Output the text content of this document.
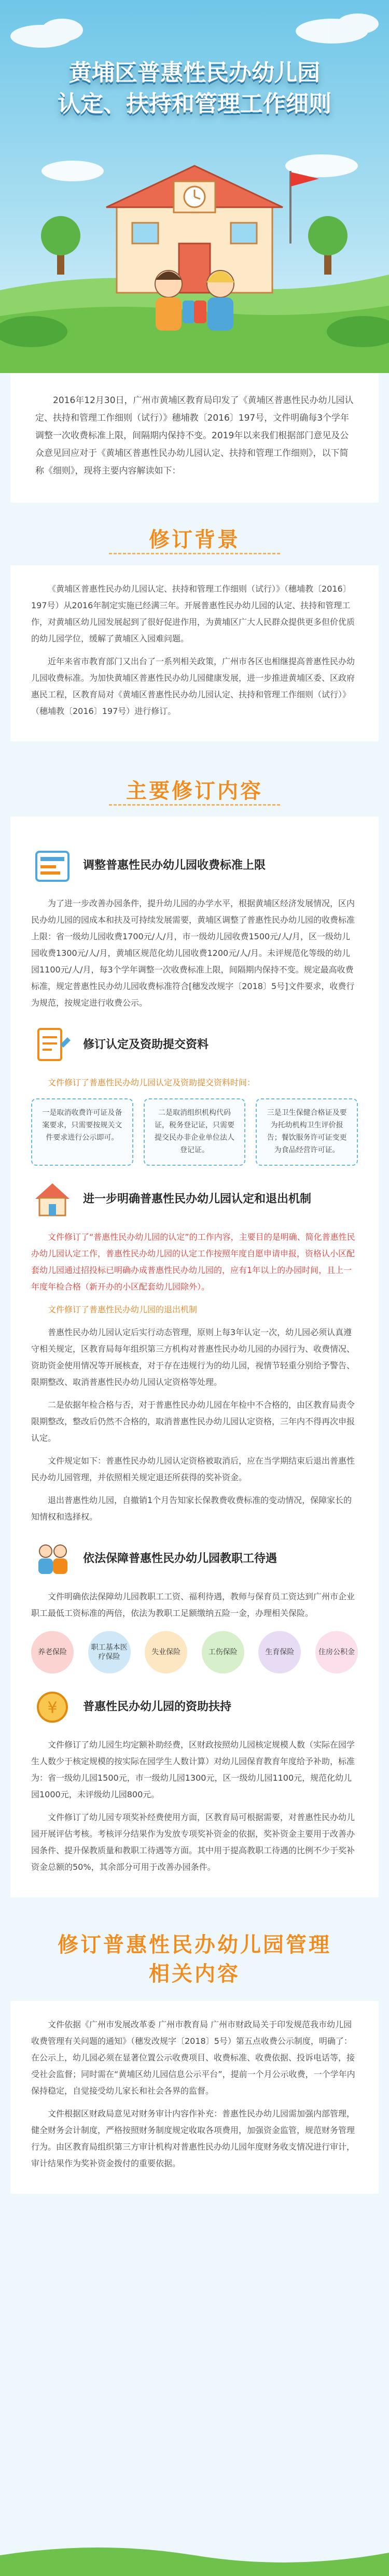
黄埔区普惠性民办幼儿园
认定、扶持和管理工作细则

2016年12月30日，广州市黄埔区教育局印发了《黄埔区普惠性民办幼儿园认定、扶持和管理工作细则（试行）》穗埔教〔2016〕197号，文件明确每3个学年调整一次收费标准上限，间隔期内保持不变。2019年以来我们根据部门意见及公众意见回应对于《黄埔区普惠性民办幼儿园认定、扶持和管理工作细则》，以下简称《细则》，现将主要内容解读如下：

修订背景

《黄埔区普惠性民办幼儿园认定、扶持和管理工作细则（试行）》（穗埔教〔2016〕197号）从2016年制定实施已经满三年。开展普惠性民办幼儿园的认定、扶持和管理工作，对黄埔区幼儿园发展起到了很好促进作用，为黄埔区广大人民群众提供更多但价优质的幼儿园学位，缓解了黄埔区入园难问题。

近年来省市教育部门又出台了一系列相关政策，广州市各区也相继提高普惠性民办幼儿园收费标准。为加快黄埔区普惠性民办幼儿园健康发展，进一步推进黄埔区委、区政府惠民工程，区教育局对《黄埔区普惠性民办幼儿园认定、扶持和管理工作细则（试行）》（穗埔教〔2016〕197号）进行修订。

主要修订内容
调整普惠性民办幼儿园收费标准上限

为了进一步改善办园条件，提升幼儿园的办学水平，根据黄埔区经济发展情况，区内民办幼儿园的园成本和扶及可持续发展需要，黄埔区调整了普惠性民办幼儿园的收费标准上限：省一级幼儿园收费1700元/人/月，市一级幼儿园收费1500元/人/月，区一级幼儿园收费1300元/人/月，黄埔区规范化幼儿园收费1200元/人/月。未评规范化等级的幼儿园1100元/人/月，每3个学年调整一次收费标准上限，间隔期内保持不变。规定最高收费标准，规定普惠性民办幼儿园收费标准符合[穗发改规字〔2018〕5号]文件要求，收费行为规范，按规定进行收费公示。

修订认定及资助提交资料

文件修订了普惠性民办幼儿园认定及资助提交资料时间：

一是取消收费许可证及备案要求，只需要按规关文件要求进行公示即可。
二是取消组织机构代码证，税务登记证，只需要提交民办非企业单位法人登记证。
三是卫生保健合格证及要为托幼机构卫生评价报告；餐饮服务许可证变更为食品经营许可证。
进一步明确普惠性民办幼儿园认定和退出机制

文件修订了“普惠性民办幼儿园的认定”的工作内容，主要目的是明确、简化普惠性民办幼儿园认定工作，普惠性民办幼儿园的认定工作按照年度自愿申请申报，资格认小区配套幼儿园通过招投标已明确办成普惠性民办幼儿园的，应有1年以上的办园时间，且上一年度年检合格（新开办的小区配套幼儿园除外）。

文件修订了普惠性民办幼儿园的退出机制

普惠性民办幼儿园认定后实行动态管理，原则上每3年认定一次，幼儿园必须认真遵守相关规定，区教育局每年组织第三方机构对普惠性民办幼儿园的办园行为、收费情况、资助资金使用情况等开展核查，对于存在违规行为的幼儿园，视情节轻重分别给予警告、限期整改、取消普惠性民办幼儿园认定资格等处理。

二是依据年检合格与否，对于普惠性民办幼儿园在年检中不合格的，由区教育局责令限期整改，整改后仍然不合格的，取消普惠性民办幼儿园认定资格，三年内不得再次申报认定。

文件规定如下：普惠性民办幼儿园认定资格被取消后，应在当学期结束后退出普惠性民办幼儿园管理，并依照相关规定退还所获得的奖补资金。

退出普惠性幼儿园，自撤销1个月告知家长保教费收费标准的变动情况，保障家长的知情权和选择权。

依法保障普惠性民办幼儿园教职工待遇

文件明确依法保障幼儿园教职工工资、福利待遇，教师与保育员工资达到广州市企业职工最低工资标准的两倍，依法为教职工足额缴纳五险一金，办理相关保险。

养老保险
职工基本医疗保险
失业保险	工伤保险	生育保险	住房公积金
¥ 普惠性民办幼儿园的资助扶持

文件修订了幼儿园生均定额补助经费，区财政按照幼儿园核定规模人数（实际在园学生人数少于核定规模的按实际在园学生人数计算）对幼儿园保育教育年度给予补助，标准为：省一级幼儿园1500元，市一级幼儿园1300元，区一级幼儿园1100元，规范化幼儿园1000元，未评级幼儿园800元。

文件修订了幼儿园专项奖补经费使用方面，区教育局可根据需要，对普惠性民办幼儿园开展评估考核。考核评分结果作为发放专项奖补资金的依据，奖补资金主要用于改善办园条件、提升保教质量和教职工待遇等方面。其中用于提高教职工待遇的比例不少于奖补资金总额的50%，其余部分可用于改善办园条件。

修订普惠性民办幼儿园管理
相关内容

文件依据《广州市发展改革委 广州市教育局 广州市财政局关于印发规范我市幼儿园收费管理有关问题的通知》（穗发改规字〔2018〕5号）第五点收费公示制度，明确了：在公示上，幼儿园必须在显著位置公示收费项目、收费标准、收费依据、投诉电话等，接受社会监督；同时需在“黄埔区幼儿园信息公示平台”，提前一个月公示收费，一个学年内保持稳定，自觉接受幼儿家长和社会各界的监督。

文件根据区财政局意见对财务审计内容作补充：普惠性民办幼儿园需加强内部管理，健全财务会计制度，严格按照财务制度规定收取各项费用，加强资金监管，规范财务管理行为。由区教育局组织第三方审计机构对普惠性民办幼儿园年度财务收支情况进行审计，审计结果作为奖补资金拨付的重要依据。
